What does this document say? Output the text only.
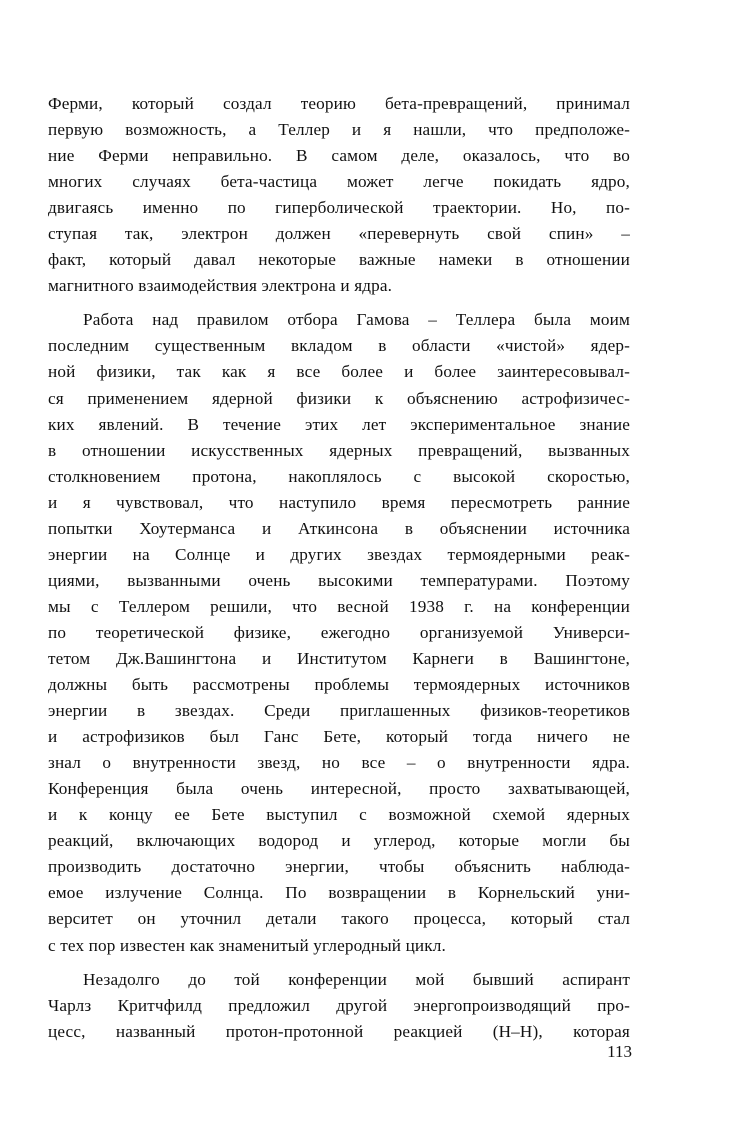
Ферми, который создал теорию бета-превращений, принимал
первую возможность, а Теллер и я нашли, что предположе-
ние Ферми неправильно. В самом деле, оказалось, что во
многих случаях бета-частица может легче покидать ядро,
двигаясь именно по гиперболической траектории. Но, по-
ступая так, электрон должен «перевернуть свой спин» –
факт, который давал некоторые важные намеки в отношении
магнитного взаимодействия электрона и ядра.
Работа над правилом отбора Гамова – Теллера была моим
последним существенным вкладом в области «чистой» ядер-
ной физики, так как я все более и более заинтересовывал-
ся применением ядерной физики к объяснению астрофизичес-
ких явлений. В течение этих лет экспериментальное знание
в отношении искусственных ядерных превращений, вызванных
столкновением протона, накоплялось с высокой скоростью,
и я чувствовал, что наступило время пересмотреть ранние
попытки Хоутерманса и Аткинсона в объяснении источника
энергии на Солнце и других звездах термоядерными реак-
циями, вызванными очень высокими температурами. Поэтому
мы с Теллером решили, что весной 1938 г. на конференции
по теоретической физике, ежегодно организуемой Универси-
тетом Дж.Вашингтона и Институтом Карнеги в Вашингтоне,
должны быть рассмотрены проблемы термоядерных источников
энергии в звездах. Среди приглашенных физиков-теоретиков
и астрофизиков был Ганс Бете, который тогда ничего не
знал о внутренности звезд, но все – о внутренности ядра.
Конференция была очень интересной, просто захватывающей,
и к концу ее Бете выступил с возможной схемой ядерных
реакций, включающих водород и углерод, которые могли бы
производить достаточно энергии, чтобы объяснить наблюда-
емое излучение Солнца. По возвращении в Корнельский уни-
верситет он уточнил детали такого процесса, который стал
с тех пор известен как знаменитый углеродный цикл.
Незадолго до той конференции мой бывший аспирант
Чарлз Критчфилд предложил другой энергопроизводящий про-
цесс, названный протон-протонной реакцией (Н–Н), которая
113
